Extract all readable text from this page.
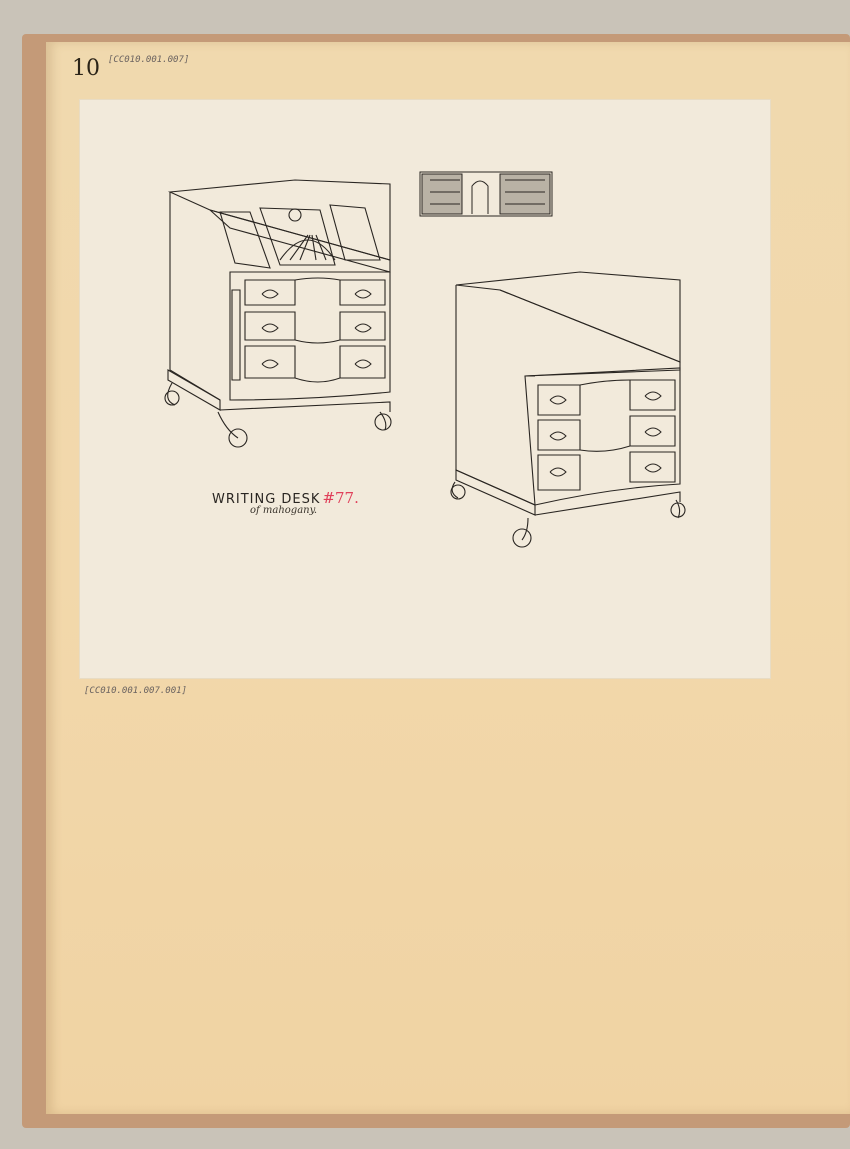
10 [CC010.001.007]
WRITING DESK #77.
of mahogany.
[CC010.001.007.001]
